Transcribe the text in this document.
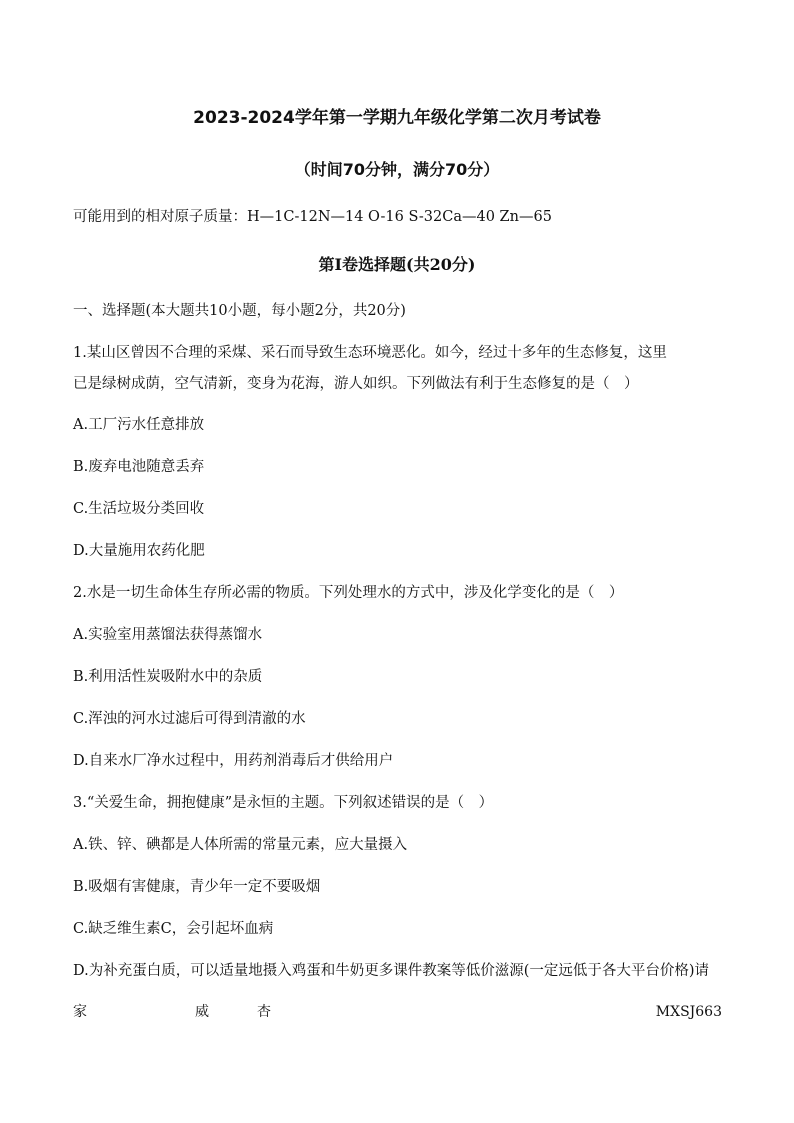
2023-2024学年第一学期九年级化学第二次月考试卷
（时间70分钟，满分70分）
可能用到的相对原子质量：H—1C-12N—14 O-16 S-32Ca—40 Zn—65
第Ⅰ卷选择题(共20分)
一、选择题(本大题共10小题，每小题2分，共20分)
1.某山区曾因不合理的采煤、采石而导致生态环境恶化。如今，经过十多年的生态修复，这里
已是绿树成荫，空气清新，变身为花海，游人如织。下列做法有利于生态修复的是（　）
A.工厂污水任意排放
B.废弃电池随意丢弃
C.生活垃圾分类回收
D.大量施用农药化肥
2.水是一切生命体生存所必需的物质。下列处理水的方式中，涉及化学变化的是（　）
A.实验室用蒸馏法获得蒸馏水
B.利用活性炭吸附水中的杂质
C.浑浊的河水过滤后可得到清澈的水
D.自来水厂净水过程中，用药剂消毒后才供给用户
3.“关爱生命，拥抱健康”是永恒的主题。下列叙述错误的是（　）
A.铁、锌、碘都是人体所需的常量元素，应大量摄入
B.吸烟有害健康，青少年一定不要吸烟
C.缺乏维生素C，会引起坏血病
D.为补充蛋白质，可以适量地摄入鸡蛋和牛奶更多课件教案等低价滋源(一定远低于各大平台价格)请
家	威	杏	MXSJ663
